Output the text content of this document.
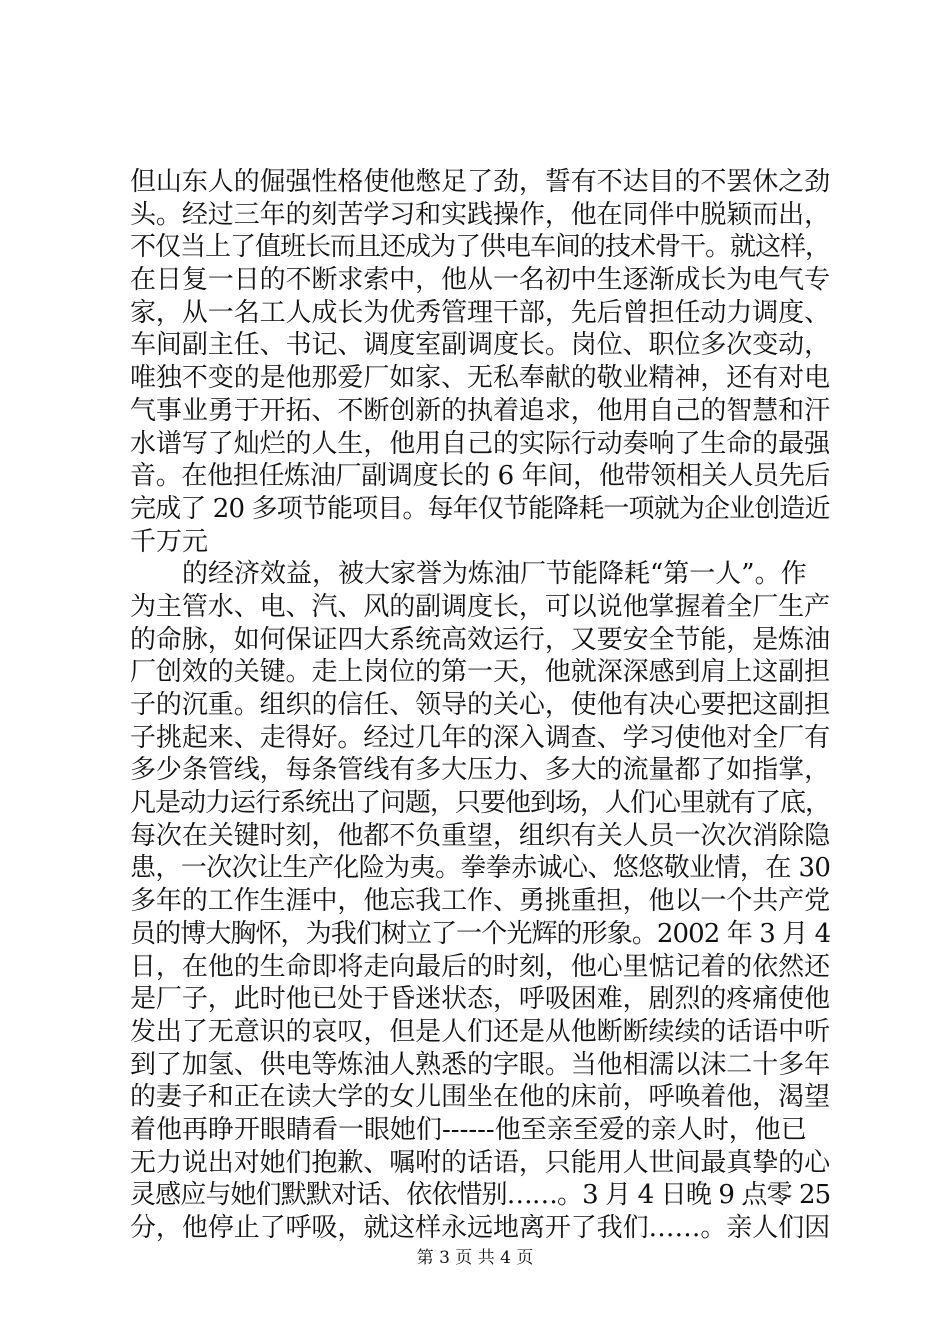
但山东人的倔强性格使他憋足了劲，誓有不达目的不罢休之劲
头。经过三年的刻苦学习和实践操作，他在同伴中脱颖而出，
不仅当上了值班长而且还成为了供电车间的技术骨干。就这样，
在日复一日的不断求索中，他从一名初中生逐渐成长为电气专
家，从一名工人成长为优秀管理干部，先后曾担任动力调度、
车间副主任、书记、调度室副调度长。岗位、职位多次变动，
唯独不变的是他那爱厂如家、无私奉献的敬业精神，还有对电
气事业勇于开拓、不断创新的执着追求，他用自己的智慧和汗
水谱写了灿烂的人生，他用自己的实际行动奏响了生命的最强
音。在他担任炼油厂副调度长的 6 年间，他带领相关人员先后
完成了 20 多项节能项目。每年仅节能降耗一项就为企业创造近
千万元
的经济效益，被大家誉为炼油厂节能降耗“第一人”。作
为主管水、电、汽、风的副调度长，可以说他掌握着全厂生产
的命脉，如何保证四大系统高效运行，又要安全节能，是炼油
厂创效的关键。走上岗位的第一天，他就深深感到肩上这副担
子的沉重。组织的信任、领导的关心，使他有决心要把这副担
子挑起来、走得好。经过几年的深入调查、学习使他对全厂有
多少条管线，每条管线有多大压力、多大的流量都了如指掌，
凡是动力运行系统出了问题，只要他到场，人们心里就有了底，
每次在关键时刻，他都不负重望，组织有关人员一次次消除隐
患，一次次让生产化险为夷。拳拳赤诚心、悠悠敬业情，在 30
多年的工作生涯中，他忘我工作、勇挑重担，他以一个共产党
员的博大胸怀，为我们树立了一个光辉的形象。2002 年 3 月 4
日，在他的生命即将走向最后的时刻，他心里惦记着的依然还
是厂子，此时他已处于昏迷状态，呼吸困难，剧烈的疼痛使他
发出了无意识的哀叹，但是人们还是从他断断续续的话语中听
到了加氢、供电等炼油人熟悉的字眼。当他相濡以沫二十多年
的妻子和正在读大学的女儿围坐在他的床前，呼唤着他，渴望
着他再睁开眼睛看一眼她们------他至亲至爱的亲人时，他已
无力说出对她们抱歉、嘱咐的话语，只能用人世间最真挚的心
灵感应与她们默默对话、依依惜别……。3 月 4 日晚 9 点零 25
分，他停止了呼吸，就这样永远地离开了我们……。亲人们因
第 3 页 共 4 页
